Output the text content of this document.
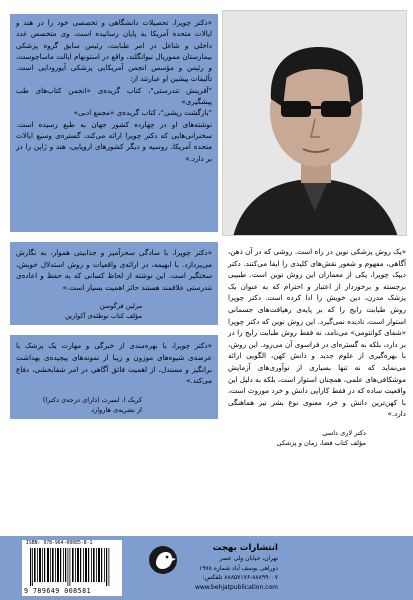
«دکتر چوپرا، تحصیلات دانشگاهی و تخصصی خود را در هند و ایالات متحده آمریکا به پایان رسانیده است، وی متخصص غدد داخلی و شاغل در امر طبابت، رئیس سابق گروه پزشکی بیمارستان مموریال نیوانگلند، واقع در استونهام ایالت ماساچوست، و رئیس و مؤسس انجمن آمریکایی پزشکی آیورودایی است. تألیفات پیشین او عبارتند از:

"آفرینش تندرستی"، کتاب گزیده‌ی «انجمن کتاب‌های طب پیشگیری»

"بازگشت ریشی"، کتاب گزیده‌ی «مجمع ادبی»

نوشته‌های او در چهارده کشور جهان به طبع رسیده است. سخنرانی‌هایی که دکتر چوپرا ارائه می‌کند، گستره‌ی وسیع ایالات متحده آمریکا، روسیه و دیگر کشورهای اروپایی، هند و ژاپن را در بر دارد.»

«دکتر چوپرا، با سادگی سحرآمیز و جذابیتی هموار، به نگارش می‌پردازد. با ابهیمه، در ارائه‌ی واقعیات و روش استدلال خویش، سختگیر است. این نوشته از لحاظ کسانی که به حفظ و اعاده‌ی تندرستی علاقمند هستند حائز اهمیت بسیار است.»

مرلین فرگوسن

مؤلف کتاب توطئه‌ی آکوارین

«دکتر چوپرا، با بهره‌مندی از خبرگی و مهارت یک پزشک با عرضه‌ی شیوه‌های موزون و زیبا از نمونه‌های پیچیده‌ی بهداشت برانگیز و مستدل، از اهمیت فائق آگاهی در امر شفابخشی، دفاع می‌کند.»

کریک ا. لمبرت (دارای درجه‌ی دکترا)

از نشریه‌ی هاروارد

«یک روش پزشکی نوین در راه است. روشی که در آن ذهن، آگاهی، مفهوم و شعور نقش‌های کلیدی را ایفا می‌کنند. دکتر دیپک چوپرا، یکی از معماران این روش نوین است. طبیبی برجسته و برخوردار از اعتبار و احترام که به عنوان یک پزشک مدرن، دین خویش را ادا کرده است. دکتر چوپرا روش طبابت رایج را که بر پایه‌ی رهیافت‌های جسمانی استوار است، نادیده نمی‌گیرد. این روش نوین که دکتر چوپرا «شفای کوانتومی» می‌نامد، نه فقط روش طبابت رایج را در بر دارد، بلکه به گستره‌ای در فراسوی آن می‌رود. این روش، با بهره‌گیری از علوم جدید و دانش کهن، الگویی ارائه می‌نماید که نه تنها بسیاری از نوآوری‌های آزمایش موشکافی‌های علمی، همچنان استوار است، بلکه به دلیل این واقعیت ساده که در فقط کارایی دانش و خرد موروث است، با کهن‌ترین دانش و خرد معنوی نوع بشر نیز هماهنگی دارد.»

دکتر لاری داسی

مؤلف کتاب فضا، زمان و پزشکی

ISBN: 978-964-00085-8-1
9 789649 008581
انتشارات بهجت
تهران، خیابان ولی عصر
دوراهی یوسف آباد شماره ۱۹۷۸
۸۸۸۵۷۱۷۶-۸۸۸۹۹۰۰۷ تلفکس:
www.behjatpublication.com
